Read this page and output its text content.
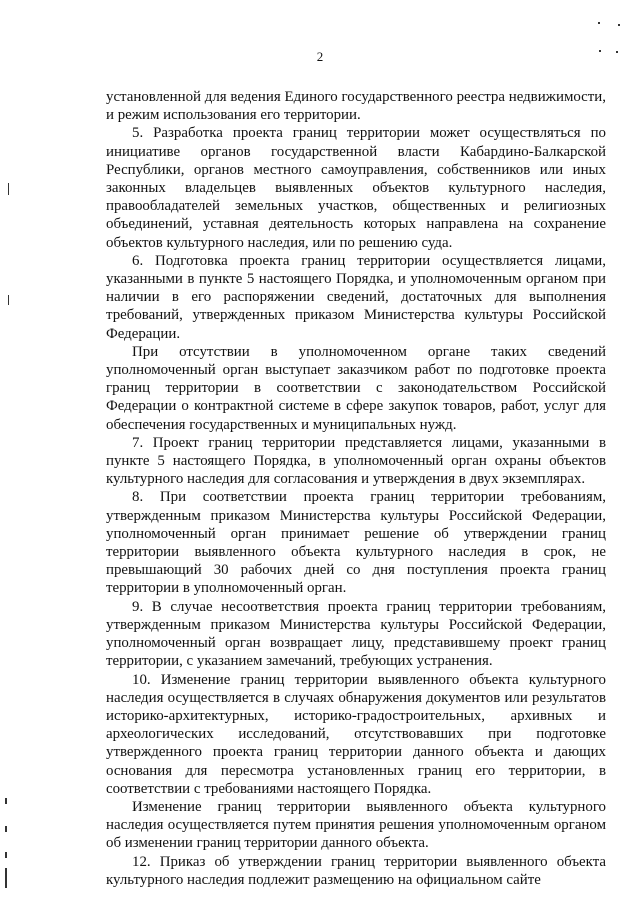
2

установленной для ведения Единого государственного реестра недвижимости, и режим использования его территории.

5. Разработка проекта границ территории может осуществляться по инициативе органов государственной власти Кабардино-Балкарской Республики, органов местного самоуправления, собственников или иных законных владельцев выявленных объектов культурного наследия, правообладателей земельных участков, общественных и религиозных объединений, уставная деятельность которых направлена на сохранение объектов культурного наследия, или по решению суда.

6. Подготовка проекта границ территории осуществляется лицами, указанными в пункте 5 настоящего Порядка, и уполномоченным органом при наличии в его распоряжении сведений, достаточных для выполнения требований, утвержденных приказом Министерства культуры Российской Федерации.

При отсутствии в уполномоченном органе таких сведений уполномоченный орган выступает заказчиком работ по подготовке проекта границ территории в соответствии с законодательством Российской Федерации о контрактной системе в сфере закупок товаров, работ, услуг для обеспечения государственных и муниципальных нужд.

7. Проект границ территории представляется лицами, указанными в пункте 5 настоящего Порядка, в уполномоченный орган охраны объектов культурного наследия для согласования и утверждения в двух экземплярах.

8. При соответствии проекта границ территории требованиям, утвержденным приказом Министерства культуры Российской Федерации, уполномоченный орган принимает решение об утверждении границ территории выявленного объекта культурного наследия в срок, не превышающий 30 рабочих дней со дня поступления проекта границ территории в уполномоченный орган.

9. В случае несоответствия проекта границ территории требованиям, утвержденным приказом Министерства культуры Российской Федерации, уполномоченный орган возвращает лицу, представившему проект границ территории, с указанием замечаний, требующих устранения.

10. Изменение границ территории выявленного объекта культурного наследия осуществляется в случаях обнаружения документов или результатов историко-архитектурных, историко-градостроительных, архивных и археологических исследований, отсутствовавших при подготовке утвержденного проекта границ территории данного объекта и дающих основания для пересмотра установленных границ его территории, в соответствии с требованиями настоящего Порядка.

Изменение границ территории выявленного объекта культурного наследия осуществляется путем принятия решения уполномоченным органом об изменении границ территории данного объекта.

12. Приказ об утверждении границ территории выявленного объекта культурного наследия подлежит размещению на официальном сайте
